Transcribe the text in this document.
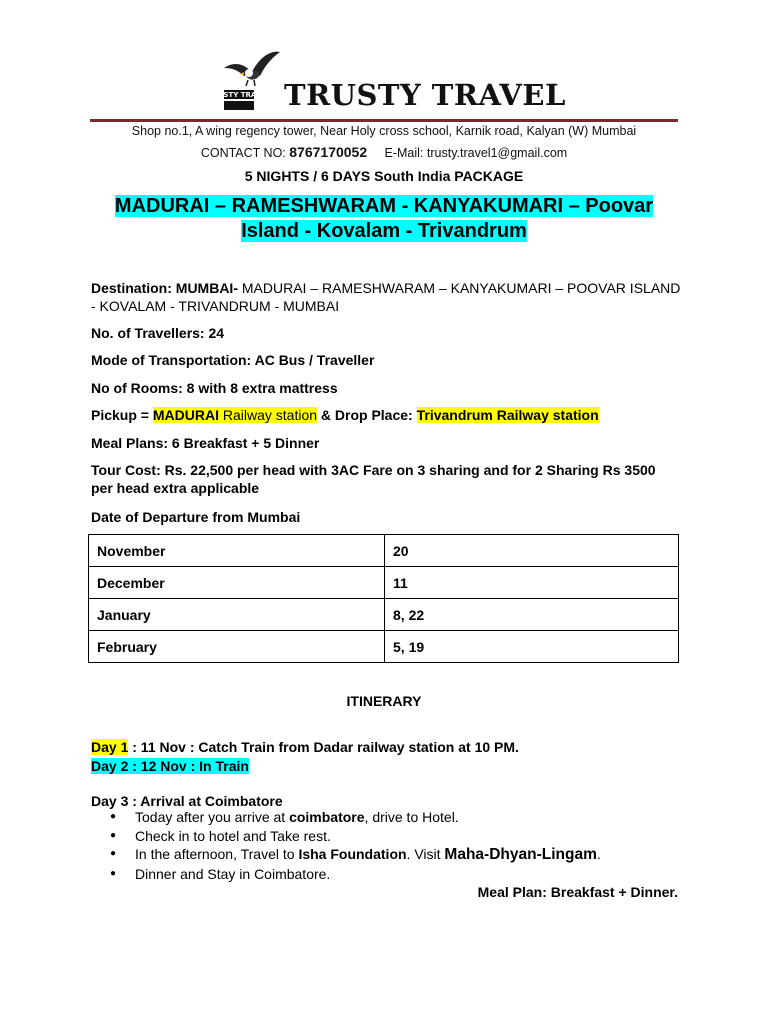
TRUSTY TRAVEL TRUSTY TRAVEL
Shop no.1, A wing regency tower, Near Holy cross school, Karnik road, Kalyan (W) Mumbai
CONTACT NO: 8767170052 E-Mail: trusty.travel1@gmail.com
5 NIGHTS / 6 DAYS South India PACKAGE
MADURAI – RAMESHWARAM - KANYAKUMARI – Poovar
Island - Kovalam - Trivandrum
Destination: MUMBAI- MADURAI – RAMESHWARAM – KANYAKUMARI – POOVAR ISLAND - KOVALAM - TRIVANDRUM - MUMBAI
No. of Travellers: 24
Mode of Transportation: AC Bus / Traveller
No of Rooms: 8 with 8 extra mattress
Pickup = MADURAI Railway station & Drop Place: Trivandrum Railway station
Meal Plans: 6 Breakfast + 5 Dinner
Tour Cost: Rs. 22,500 per head with 3AC Fare on 3 sharing and for 2 Sharing Rs 3500 per head extra applicable
Date of Departure from Mumbai
November	20
December	11
January	8, 22
February	5, 19
ITINERARY
Day 1 : 11 Nov : Catch Train from Dadar railway station at 10 PM.
Day 2 : 12 Nov : In Train
Day 3 : Arrival at Coimbatore
● Today after you arrive at coimbatore, drive to Hotel.
● Check in to hotel and Take rest.
● In the afternoon, Travel to Isha Foundation. Visit Maha-Dhyan-Lingam.
● Dinner and Stay in Coimbatore.
Meal Plan: Breakfast + Dinner.
